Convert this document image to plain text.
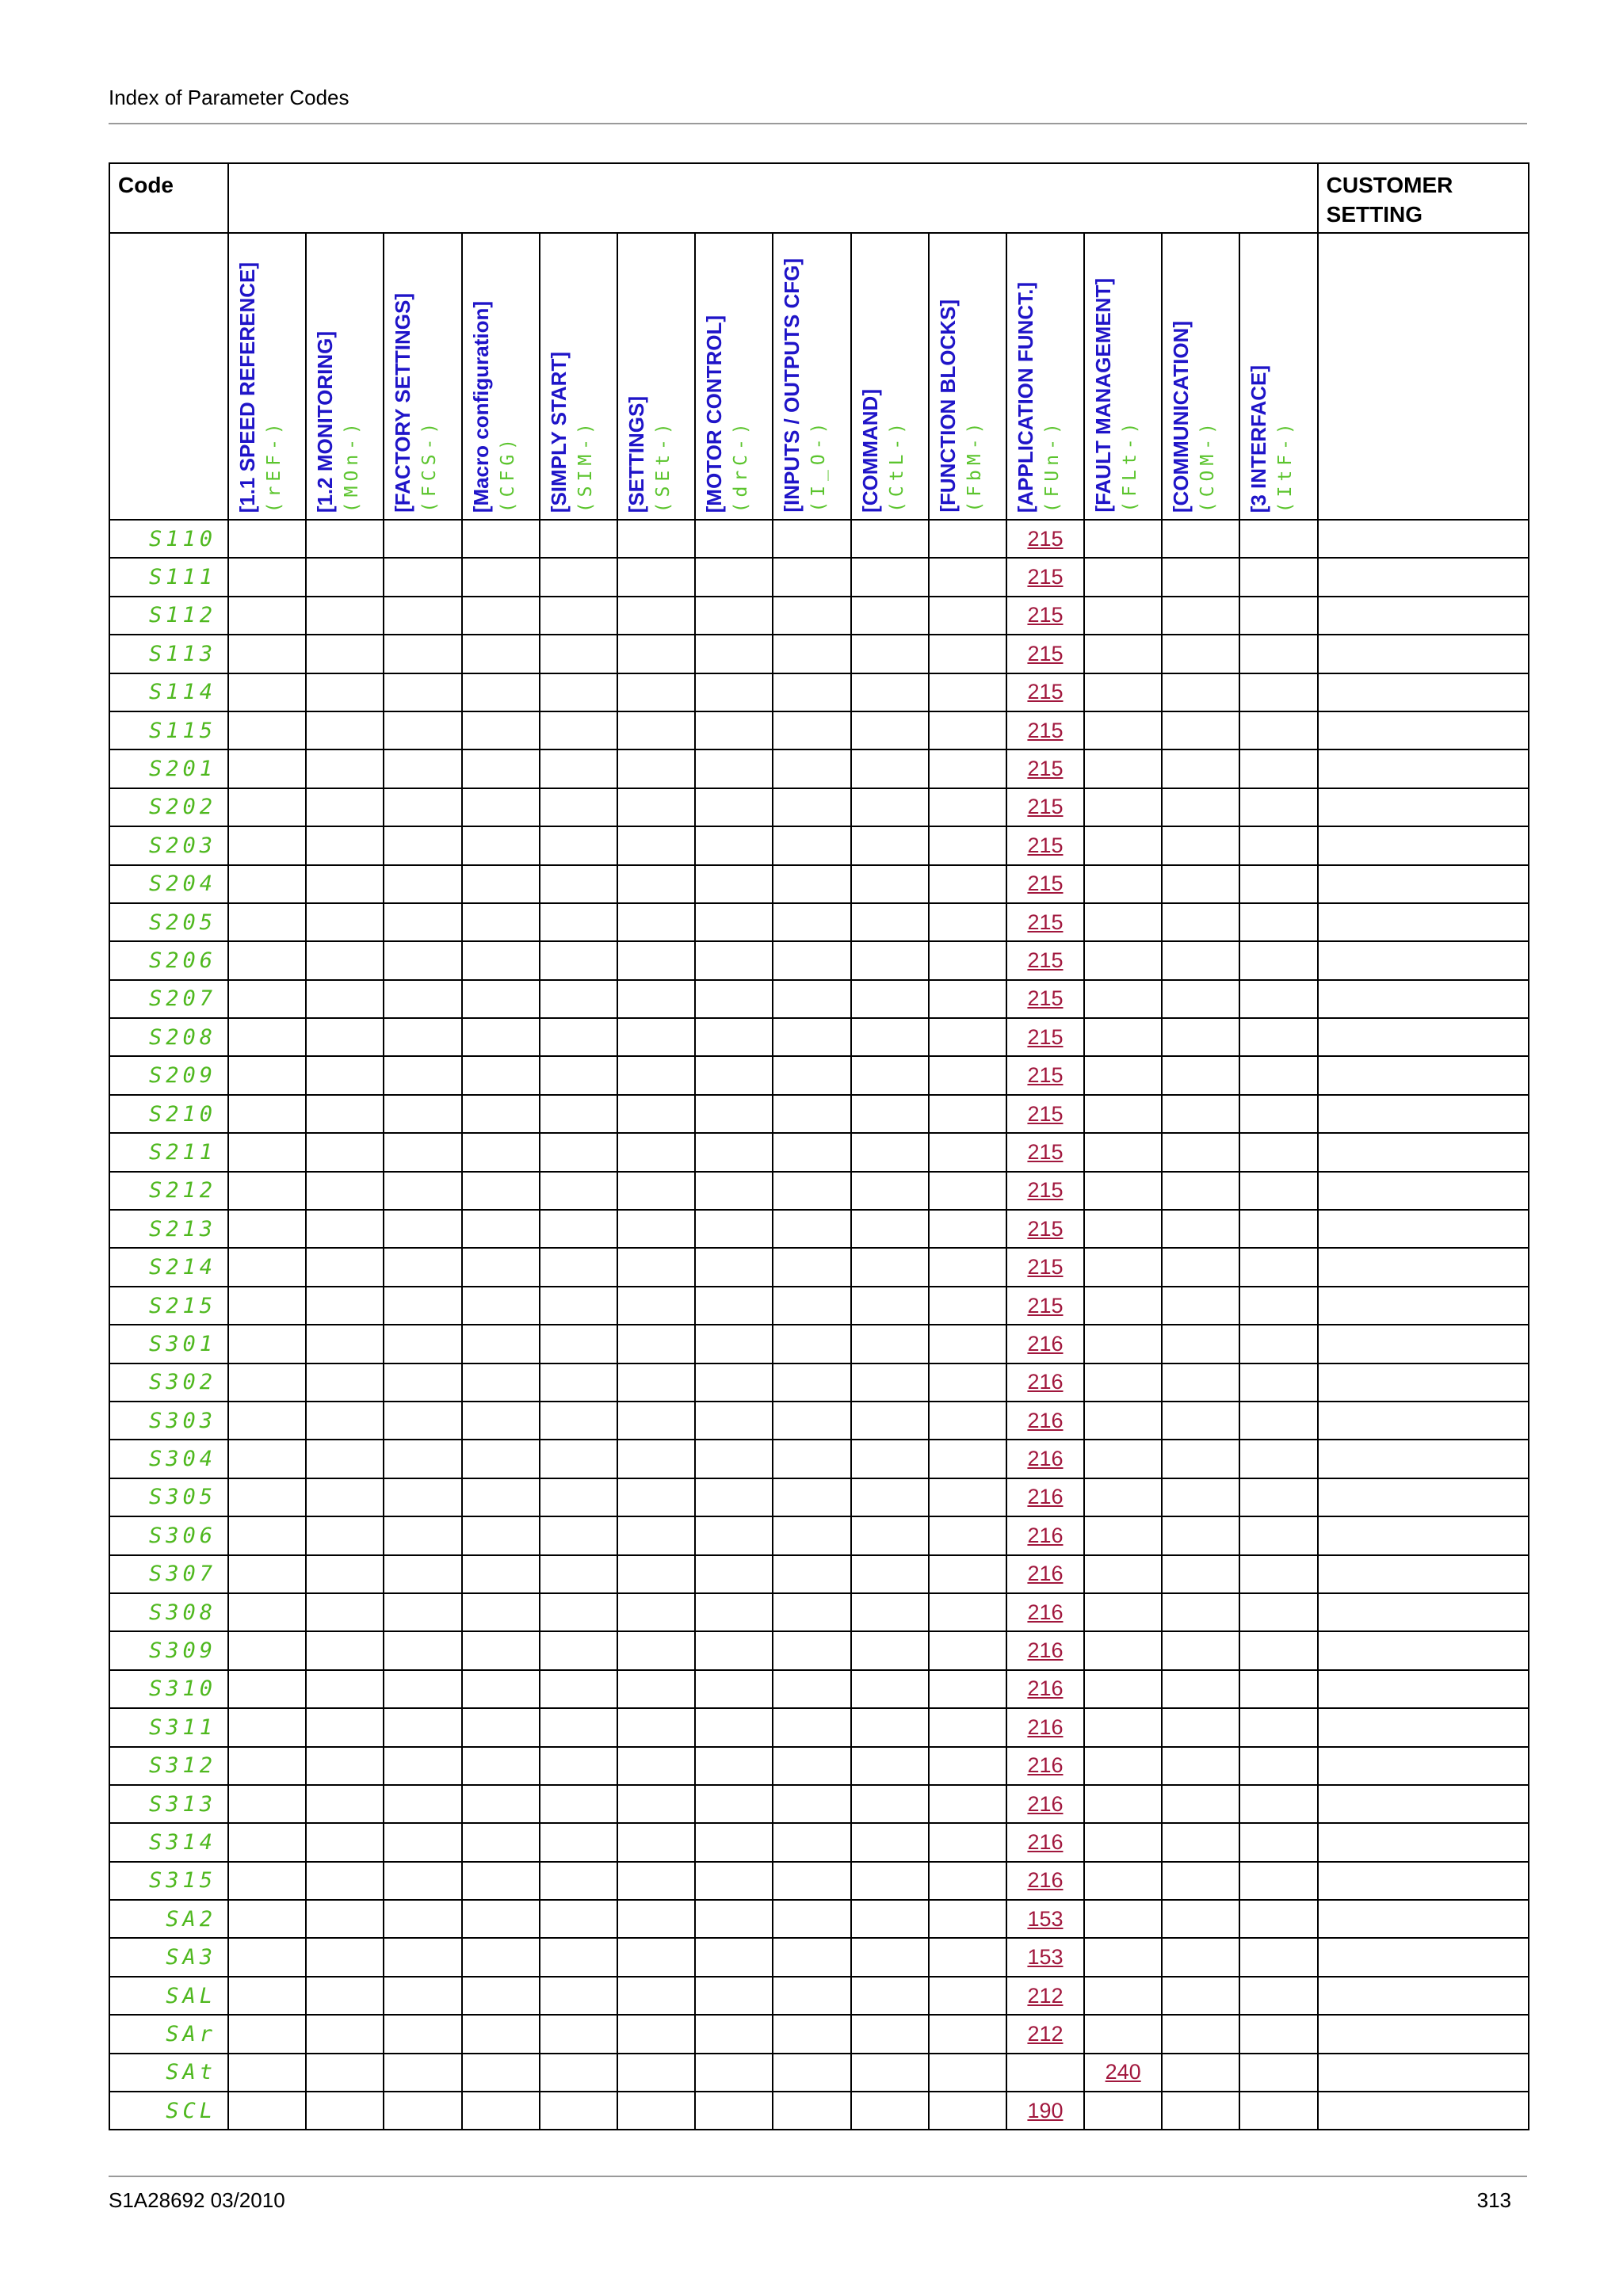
Index of Parameter Codes
Code															CUSTOMER SETTING

	[1.1 SPEED REFERENCE] (rEF-)	[1.2 MONITORING] (MOn-)	[FACTORY SETTINGS] (FCS-)	[Macro configuration] (CFG)	[SIMPLY START] (SIM-)	[SETTINGS] (SEt-)	[MOTOR CONTROL] (drC-)	[INPUTS / OUTPUTS CFG] (I_O-)	[COMMAND] (CtL-)	[FUNCTION BLOCKS] (FbM-)	[APPLICATION FUNCT.] (FUn-)	[FAULT MANAGEMENT] (FLt-)	[COMMUNICATION] (COM-)	[3 INTERFACE] (ItF-)	

S110											215				

S111											215				

S112											215				

S113											215				

S114											215				

S115											215				

S201											215				

S202											215				

S203											215				

S204											215				

S205											215				

S206											215				

S207											215				

S208											215				

S209											215				

S210											215				

S211											215				

S212											215				

S213											215				

S214											215				

S215											215				

S301											216				

S302											216				

S303											216				

S304											216				

S305											216				

S306											216				

S307											216				

S308											216				

S309											216				

S310											216				

S311											216				

S312											216				

S313											216				

S314											216				

S315											216				

SA2											153				

SA3											153				

SAL											212				

SAr											212				

SAt												240			

SCL											190				

S1A28692 03/2010	313
